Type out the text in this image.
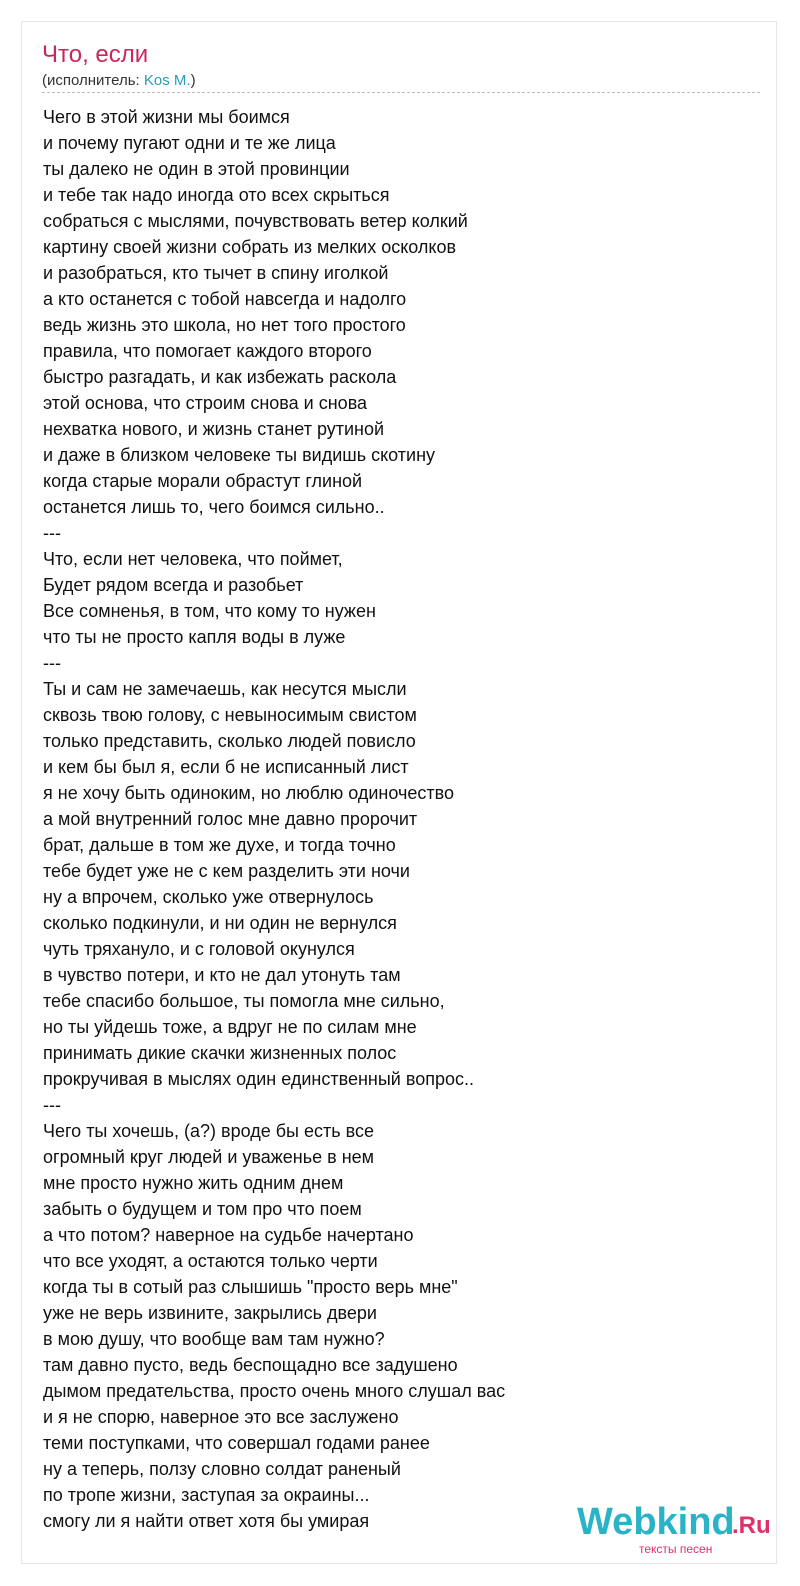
Что, если
(исполнитель: Kos M.)
Чего в этой жизни мы боимся
и почему пугают одни и те же лица
ты далеко не один в этой провинции
и тебе так надо иногда ото всех скрыться
собраться с мыслями, почувствовать ветер колкий
картину своей жизни собрать из мелких осколков
и разобраться, кто тычет в спину иголкой
а кто останется с тобой навсегда и надолго
ведь жизнь это школа, но нет того простого
правила, что помогает каждого второго
быстро разгадать, и как избежать раскола
этой основа, что строим снова и снова
нехватка нового, и жизнь станет рутиной
и даже в близком человеке ты видишь скотину
когда старые морали обрастут глиной
останется лишь то, чего боимся сильно..
---
Что, если нет человека, что поймет,
Будет рядом всегда и разобьет
Все сомненья, в том, что кому то нужен
что ты не просто капля воды в луже
---
Ты и сам не замечаешь, как несутся мысли
сквозь твою голову, с невыносимым свистом
только представить, сколько людей повисло
и кем бы был я, если б не исписанный лист
я не хочу быть одиноким, но люблю одиночество
а мой внутренний голос мне давно пророчит
брат, дальше в том же духе, и тогда точно
тебе будет уже не с кем разделить эти ночи
ну а впрочем, сколько уже отвернулось
сколько подкинули, и ни один не вернулся
чуть тряхануло, и с головой окунулся
в чувство потери, и кто не дал утонуть там
тебе спасибо большое, ты помогла мне сильно,
но ты уйдешь тоже, а вдруг не по силам мне
принимать дикие скачки жизненных полос
прокручивая в мыслях один единственный вопрос..
---
Чего ты хочешь, (а?) вроде бы есть все
огромный круг людей и уваженье в нем
мне просто нужно жить одним днем
забыть о будущем и том про что поем
а что потом? наверное на судьбе начертано
что все уходят, а остаются только черти
когда ты в сотый раз слышишь "просто верь мне"
уже не верь извините, закрылись двери
в мою душу, что вообще вам там нужно?
там давно пусто, ведь беспощадно все задушено
дымом предательства, просто очень много слушал вас
и я не спорю, наверное это все заслужено
теми поступками, что совершал годами ранее
ну а теперь, ползу словно солдат раненый
по тропе жизни, заступая за окраины...
смогу ли я найти ответ хотя бы умирая	Webkind
.Ru
тексты песен
